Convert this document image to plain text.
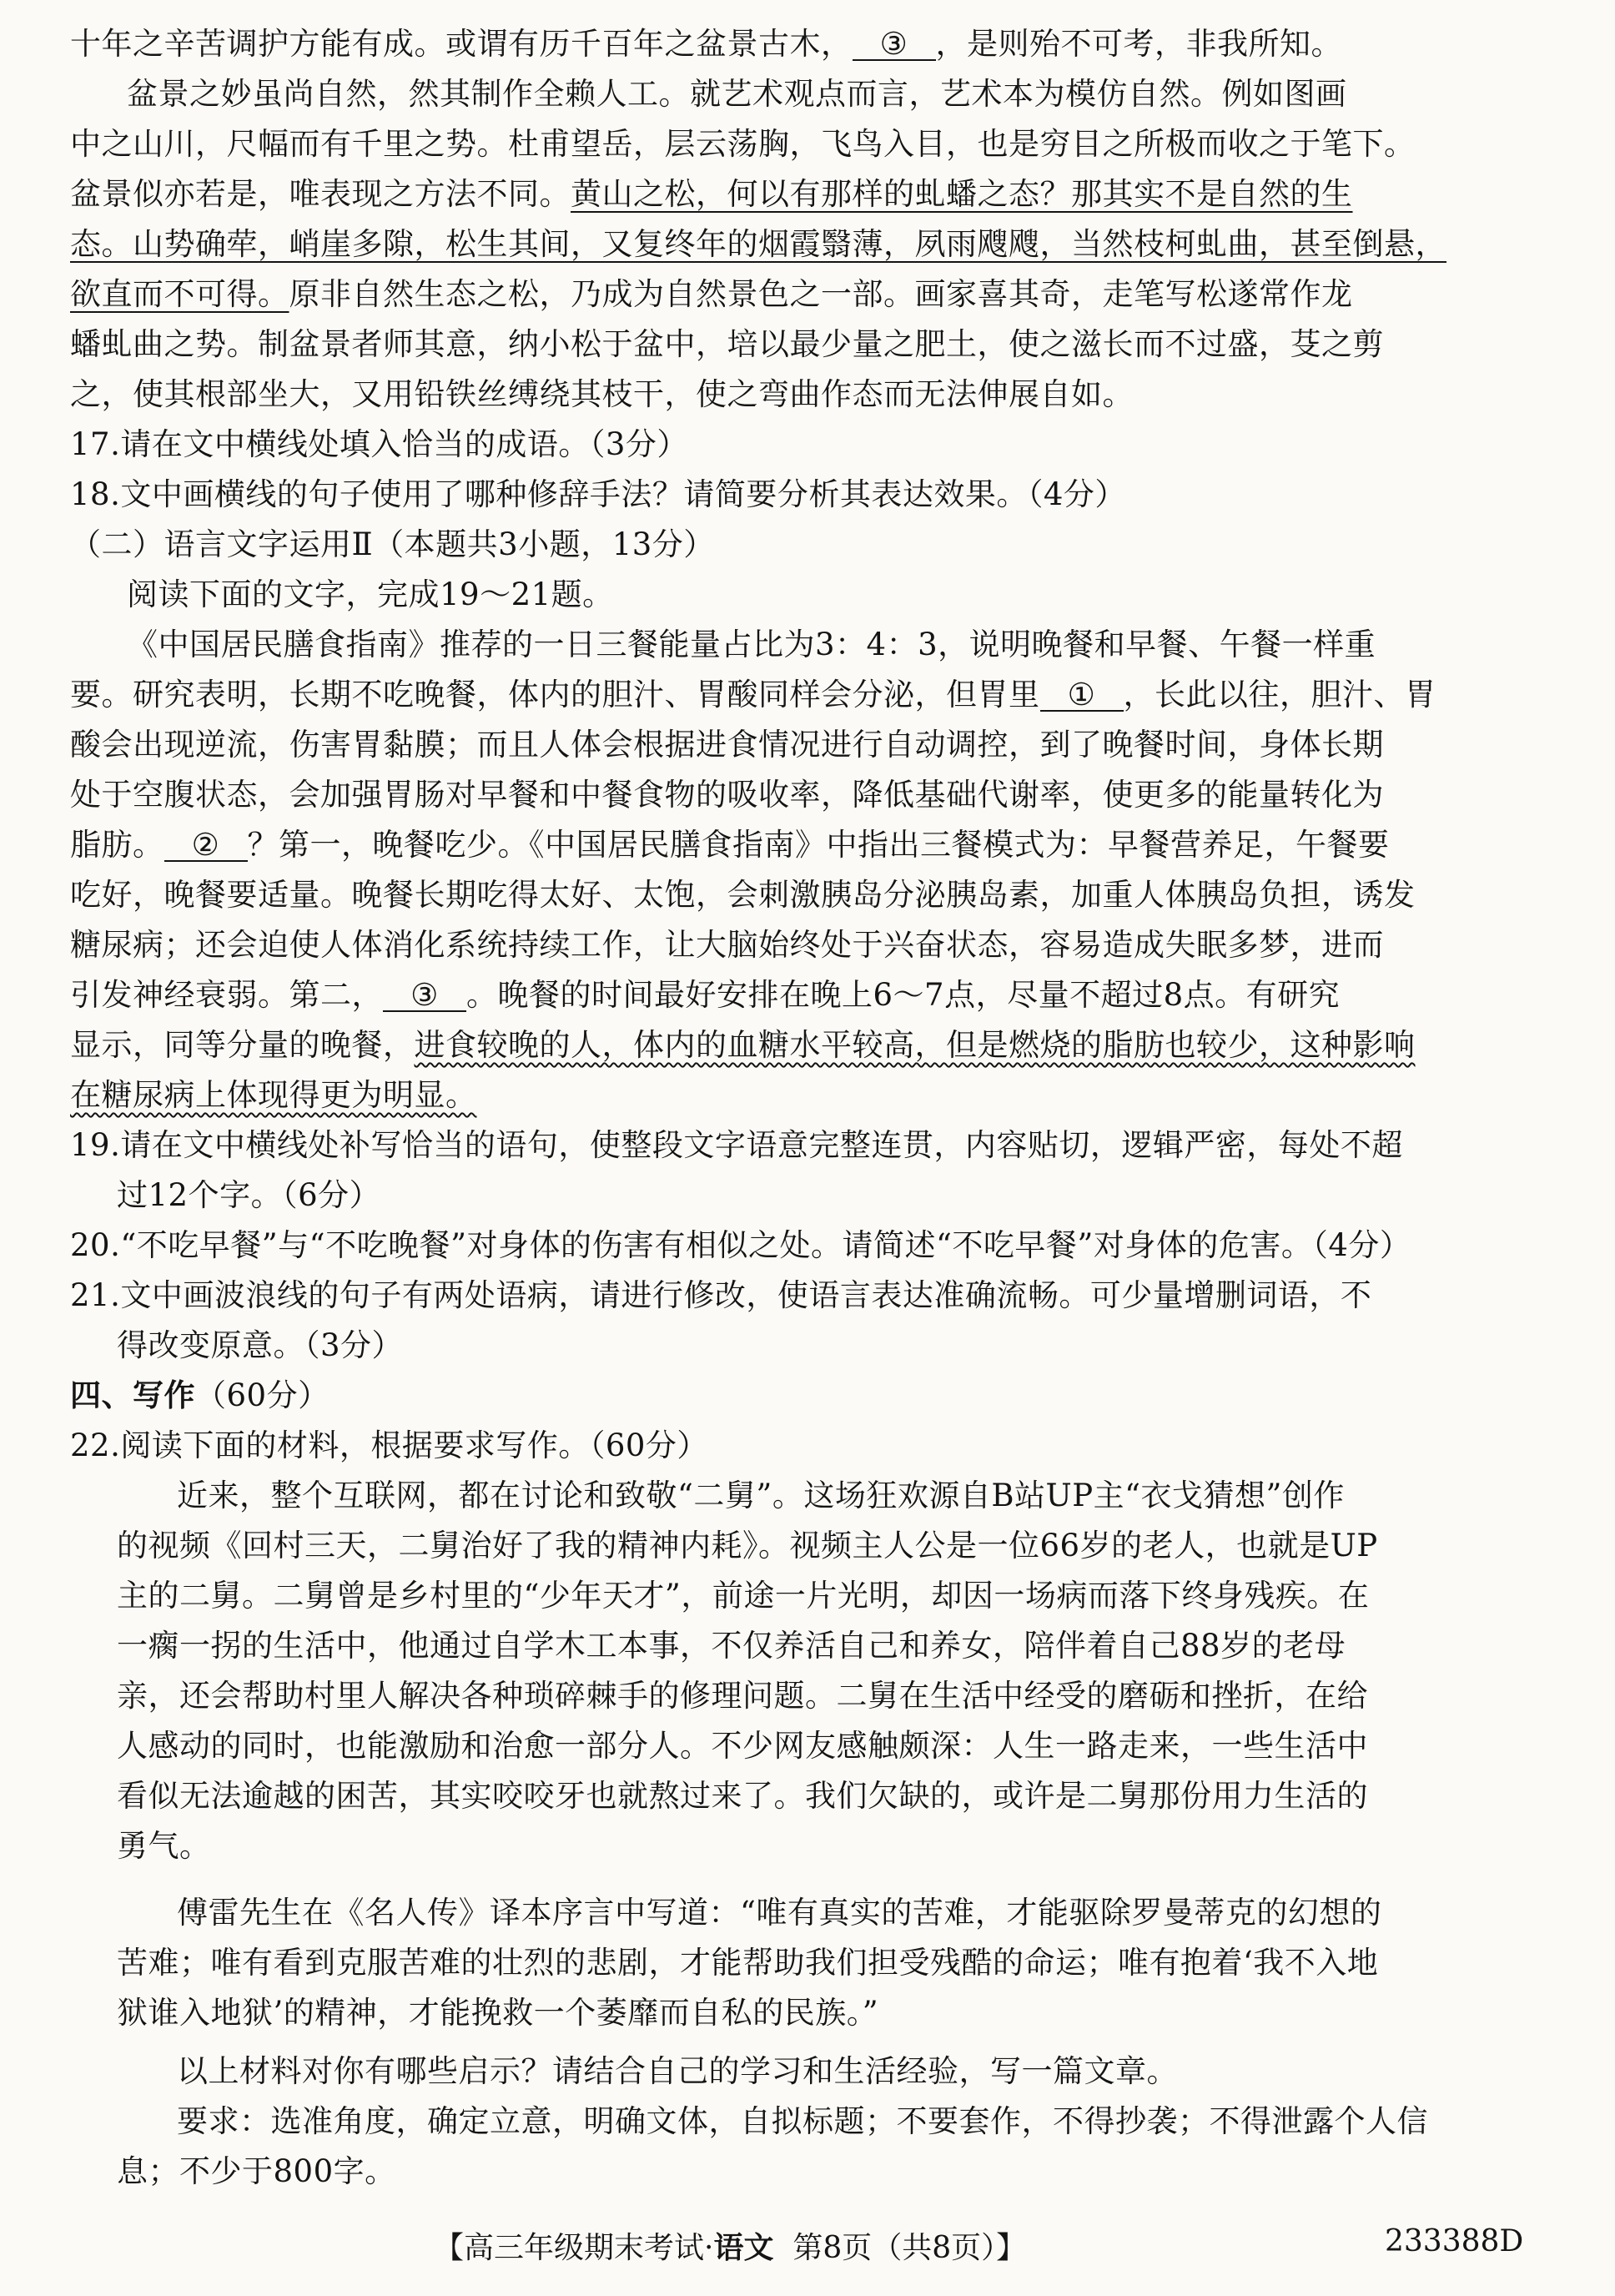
十年之辛苦调护方能有成。或谓有历千百年之盆景古木， ③ ，是则殆不可考，非我所知。
盆景之妙虽尚自然，然其制作全赖人工。就艺术观点而言，艺术本为模仿自然。例如图画
中之山川，尺幅而有千里之势。杜甫望岳，层云荡胸，飞鸟入目，也是穷目之所极而收之于笔下。
盆景似亦若是，唯表现之方法不同。黄山之松，何以有那样的虬蟠之态？那其实不是自然的生
态。山势确荦，峭崖多隙，松生其间，又复终年的烟霞翳薄，夙雨飕飕，当然枝柯虬曲，甚至倒悬，
欲直而不可得。原非自然生态之松，乃成为自然景色之一部。画家喜其奇，走笔写松遂常作龙
蟠虬曲之势。制盆景者师其意，纳小松于盆中，培以最少量之肥土，使之滋长而不过盛，芟之剪
之，使其根部坐大，又用铅铁丝缚绕其枝干，使之弯曲作态而无法伸展自如。
17.请在文中横线处填入恰当的成语。（3分）
18.文中画横线的句子使用了哪种修辞手法？请简要分析其表达效果。（4分）
（二）语言文字运用Ⅱ（本题共3小题，13分）
阅读下面的文字，完成19～21题。
《中国居民膳食指南》推荐的一日三餐能量占比为3：4：3，说明晚餐和早餐、午餐一样重
要。研究表明，长期不吃晚餐，体内的胆汁、胃酸同样会分泌，但胃里 ① ，长此以往，胆汁、胃
酸会出现逆流，伤害胃黏膜；而且人体会根据进食情况进行自动调控，到了晚餐时间，身体长期
处于空腹状态，会加强胃肠对早餐和中餐食物的吸收率，降低基础代谢率，使更多的能量转化为
脂肪。 ② ？第一，晚餐吃少。《中国居民膳食指南》中指出三餐模式为：早餐营养足，午餐要
吃好，晚餐要适量。晚餐长期吃得太好、太饱，会刺激胰岛分泌胰岛素，加重人体胰岛负担，诱发
糖尿病；还会迫使人体消化系统持续工作，让大脑始终处于兴奋状态，容易造成失眠多梦，进而
引发神经衰弱。第二， ③ 。晚餐的时间最好安排在晚上6～7点，尽量不超过8点。有研究
显示，同等分量的晚餐，进食较晚的人，体内的血糖水平较高，但是燃烧的脂肪也较少，这种影响
在糖尿病上体现得更为明显。
19.请在文中横线处补写恰当的语句，使整段文字语意完整连贯，内容贴切，逻辑严密，每处不超
过12个字。（6分）
20.“不吃早餐”与“不吃晚餐”对身体的伤害有相似之处。请简述“不吃早餐”对身体的危害。（4分）
21.文中画波浪线的句子有两处语病，请进行修改，使语言表达准确流畅。可少量增删词语，不
得改变原意。（3分）
四、写作（60分）
22.阅读下面的材料，根据要求写作。（60分）
近来，整个互联网，都在讨论和致敬“二舅”。这场狂欢源自B站UP主“衣戈猜想”创作
的视频《回村三天，二舅治好了我的精神内耗》。视频主人公是一位66岁的老人，也就是UP
主的二舅。二舅曾是乡村里的“少年天才”，前途一片光明，却因一场病而落下终身残疾。在
一瘸一拐的生活中，他通过自学木工本事，不仅养活自己和养女，陪伴着自己88岁的老母
亲，还会帮助村里人解决各种琐碎棘手的修理问题。二舅在生活中经受的磨砺和挫折，在给
人感动的同时，也能激励和治愈一部分人。不少网友感触颇深：人生一路走来，一些生活中
看似无法逾越的困苦，其实咬咬牙也就熬过来了。我们欠缺的，或许是二舅那份用力生活的
勇气。
傅雷先生在《名人传》译本序言中写道：“唯有真实的苦难，才能驱除罗曼蒂克的幻想的
苦难；唯有看到克服苦难的壮烈的悲剧，才能帮助我们担受残酷的命运；唯有抱着‘我不入地
狱谁入地狱’的精神，才能挽救一个萎靡而自私的民族。”
以上材料对你有哪些启示？请结合自己的学习和生活经验，写一篇文章。
要求：选准角度，确定立意，明确文体，自拟标题；不要套作，不得抄袭；不得泄露个人信
息；不少于800字。
【高三年级期末考试·语文 第8页（共8页）】	233388D
